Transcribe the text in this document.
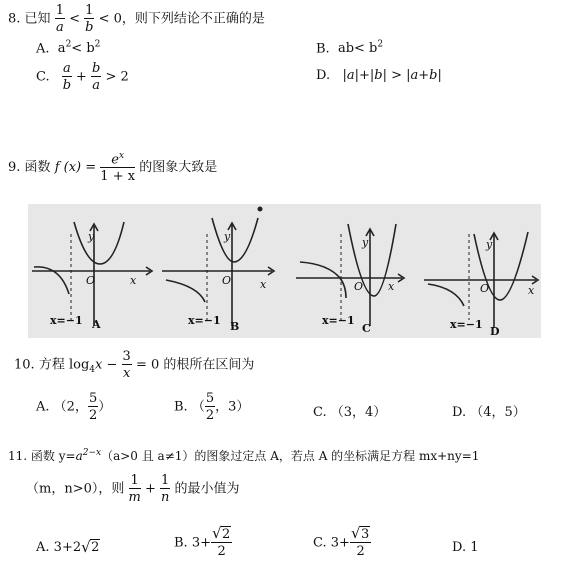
8. 已知 $\frac{1}{a} < \frac{1}{b} < 0$，则下列结论不正确的是
A. $a^2< b^2$	B. $ab< b^2$
C. $\frac{a}{b} + \frac{b}{a} > 2$	D. |a|+|b| > |a+b|
9. 函数 f $(x) = \frac{e^x}{1 + x}$ 的图象大致是
y
x
O
x=−1 A
y
x
O
x=−1 B
y
x
O
x=−1
C
y
x
O
x=−1
D
10. 方程 $\log_4x - \frac{3}{x} = 0$ 的根所在区间为
A. （2， $\frac{5}{2}$ ）	B. （ $\frac{5}{2}$ ，3）	C. （3，4）	D. （4，5）
11. 函数 $y=a^{2-x}(a>0$ 且 a≠1）的图象过定点 A，若点 A 的坐标满足方程 mx+ny=1
（m，n>0），则 $\frac{1}{m} + \frac{1}{n}$ 的最小值为
A. 3+2 √ 2	B. $3+ \frac{√ 2}{2}$	C. $3+ \frac{√ 3}{2}$	D. 1
